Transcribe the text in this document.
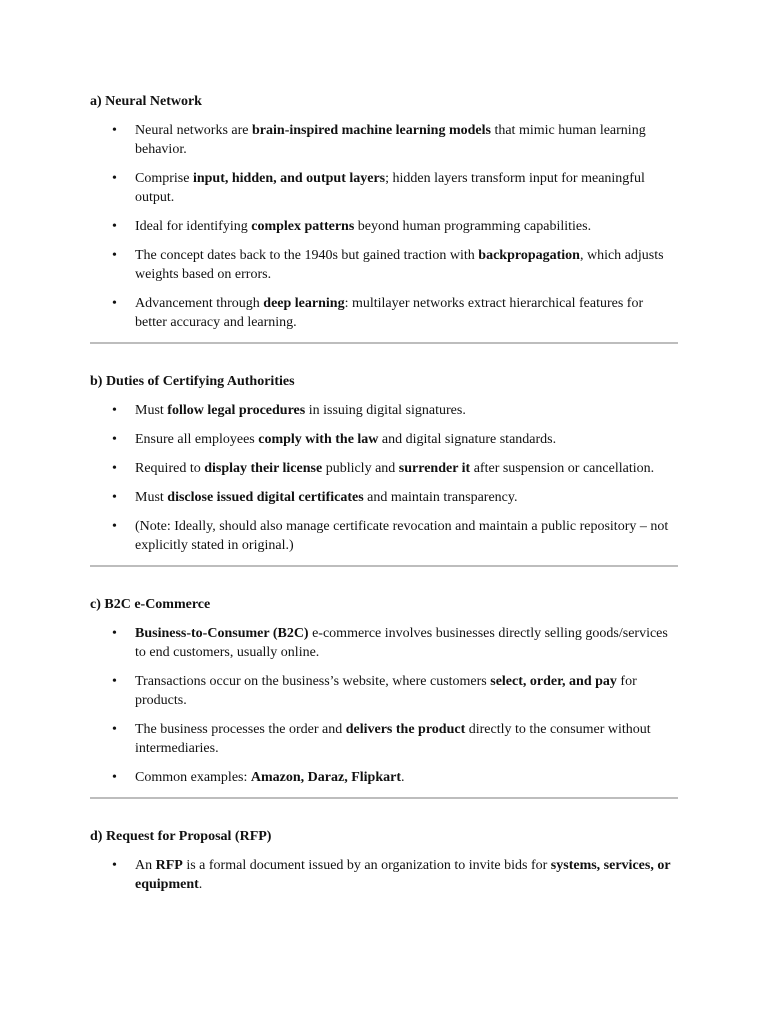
a) Neural Network
• Neural networks are brain-inspired machine learning models that mimic human learning behavior.
• Comprise input, hidden, and output layers; hidden layers transform input for meaningful output.
• Ideal for identifying complex patterns beyond human programming capabilities.
• The concept dates back to the 1940s but gained traction with backpropagation, which adjusts weights based on errors.
• Advancement through deep learning: multilayer networks extract hierarchical features for better accuracy and learning.
b) Duties of Certifying Authorities
• Must follow legal procedures in issuing digital signatures.
• Ensure all employees comply with the law and digital signature standards.
• Required to display their license publicly and surrender it after suspension or cancellation.
• Must disclose issued digital certificates and maintain transparency.
• (Note: Ideally, should also manage certificate revocation and maintain a public repository – not explicitly stated in original.)
c) B2C e-Commerce
• Business-to-Consumer (B2C) e-commerce involves businesses directly selling goods/services to end customers, usually online.
• Transactions occur on the business’s website, where customers select, order, and pay for products.
• The business processes the order and delivers the product directly to the consumer without intermediaries.
• Common examples: Amazon, Daraz, Flipkart.
d) Request for Proposal (RFP)
• An RFP is a formal document issued by an organization to invite bids for systems, services, or equipment.
